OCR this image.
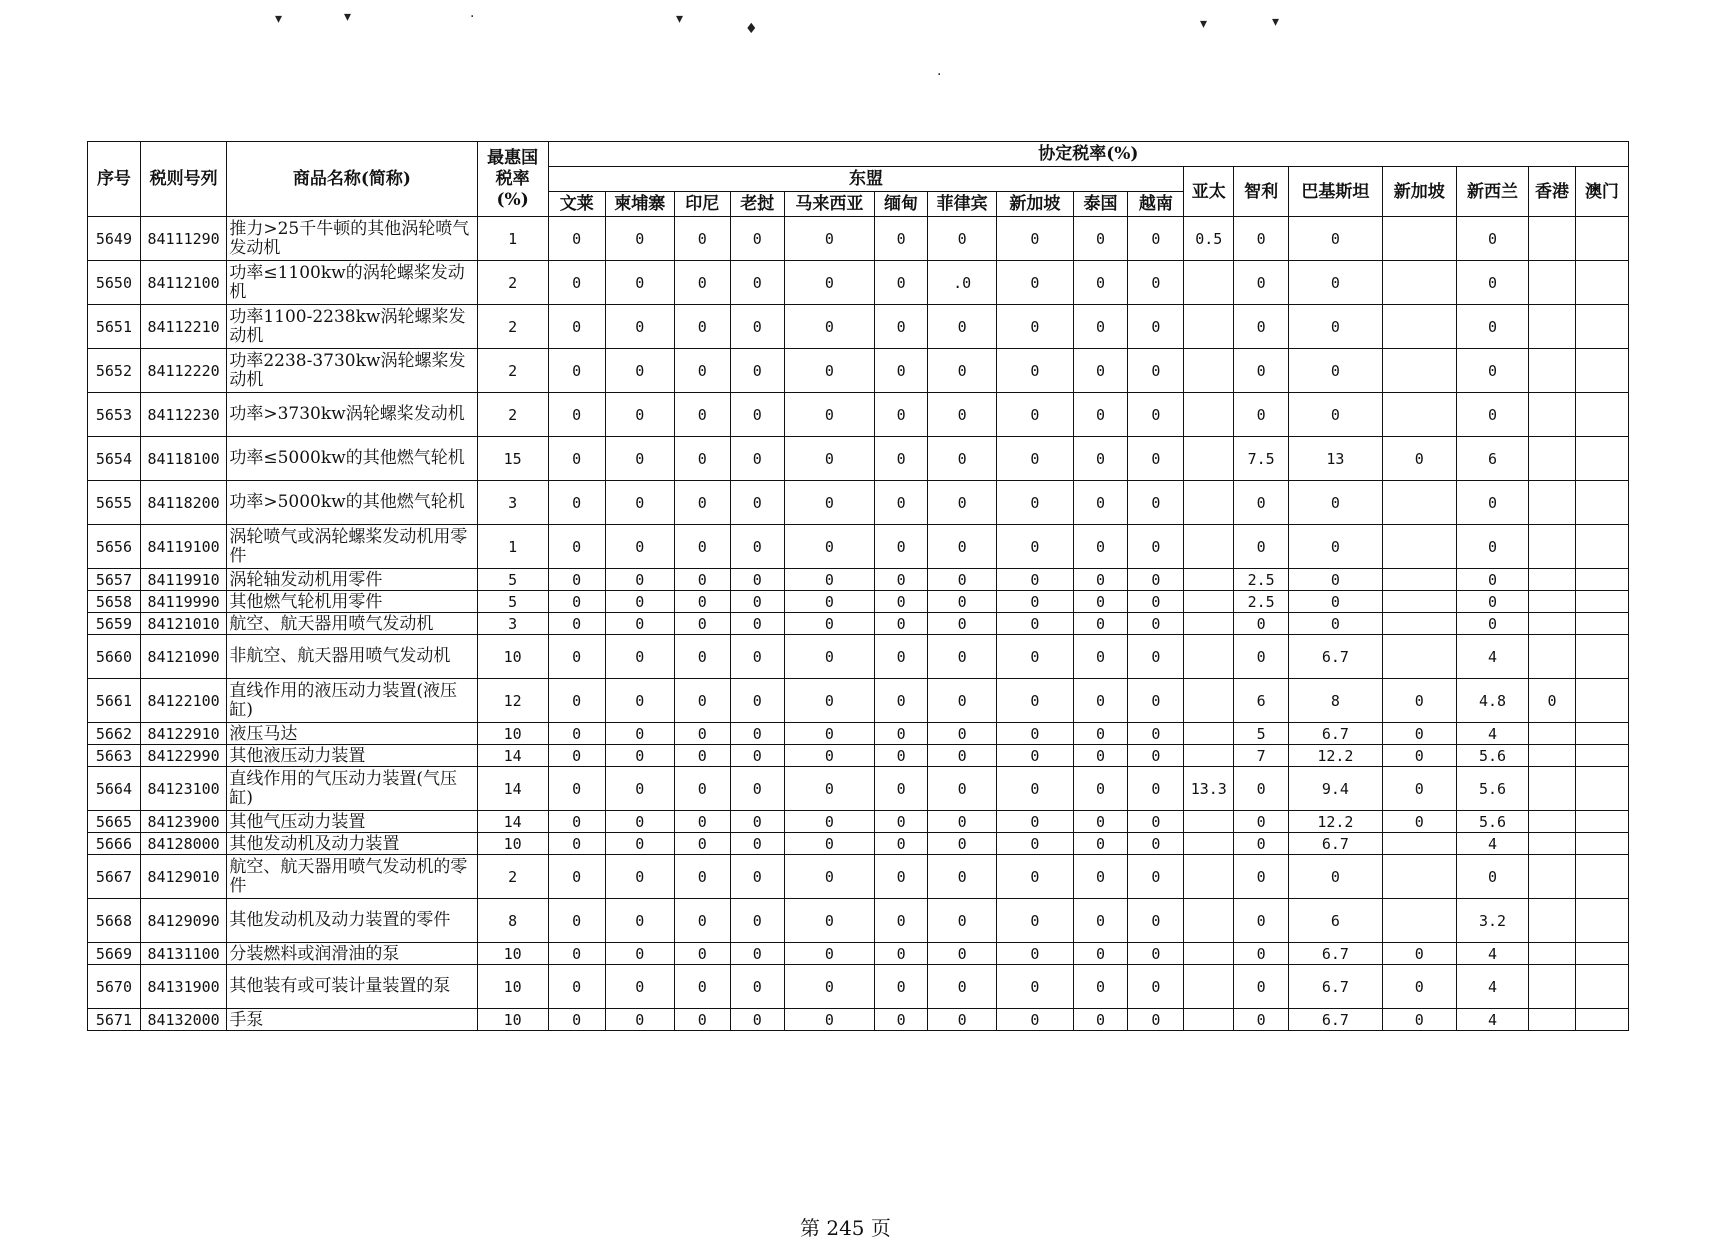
▾	▾	·	▾
♦	▾	▾
·
序号	税则号列	商品名称(简称)	最惠国税率(%)	协定税率(%)																
				东盟										亚太	智利	巴基斯坦	新加坡	新西兰	香港	澳门
				文莱	柬埔寨	印尼	老挝	马来西亚	缅甸	菲律宾	新加坡	泰国	越南							
5649	84111290	推力>25千牛顿的其他涡轮喷气发动机	1	0	0	0	0	0	0	0	0	0	0	0.5	0	0		0		
5650	84112100	功率≤1100kw的涡轮螺桨发动机	2	0	0	0	0	0	0	.0	0	0	0		0	0		0		
5651	84112210	功率1100-2238kw涡轮螺桨发动机	2	0	0	0	0	0	0	0	0	0	0		0	0		0		
5652	84112220	功率2238-3730kw涡轮螺桨发动机	2	0	0	0	0	0	0	0	0	0	0		0	0		0		
5653	84112230	功率>3730kw涡轮螺桨发动机	2	0	0	0	0	0	0	0	0	0	0		0	0		0		
5654	84118100	功率≤5000kw的其他燃气轮机	15	0	0	0	0	0	0	0	0	0	0		7.5	13	0	6		
5655	84118200	功率>5000kw的其他燃气轮机	3	0	0	0	0	0	0	0	0	0	0		0	0		0		
5656	84119100	涡轮喷气或涡轮螺桨发动机用零件	1	0	0	0	0	0	0	0	0	0	0		0	0		0		
5657	84119910	涡轮轴发动机用零件	5	0	0	0	0	0	0	0	0	0	0		2.5	0		0		
5658	84119990	其他燃气轮机用零件	5	0	0	0	0	0	0	0	0	0	0		2.5	0		0		
5659	84121010	航空、航天器用喷气发动机	3	0	0	0	0	0	0	0	0	0	0		0	0		0		
5660	84121090	非航空、航天器用喷气发动机	10	0	0	0	0	0	0	0	0	0	0		0	6.7		4		
5661	84122100	直线作用的液压动力装置(液压缸)	12	0	0	0	0	0	0	0	0	0	0		6	8	0	4.8	0	
5662	84122910	液压马达	10	0	0	0	0	0	0	0	0	0	0		5	6.7	0	4		
5663	84122990	其他液压动力装置	14	0	0	0	0	0	0	0	0	0	0		7	12.2	0	5.6		
5664	84123100	直线作用的气压动力装置(气压缸)	14	0	0	0	0	0	0	0	0	0	0	13.3	0	9.4	0	5.6		
5665	84123900	其他气压动力装置	14	0	0	0	0	0	0	0	0	0	0		0	12.2	0	5.6		
5666	84128000	其他发动机及动力装置	10	0	0	0	0	0	0	0	0	0	0		0	6.7		4		
5667	84129010	航空、航天器用喷气发动机的零件	2	0	0	0	0	0	0	0	0	0	0		0	0		0		
5668	84129090	其他发动机及动力装置的零件	8	0	0	0	0	0	0	0	0	0	0		0	6		3.2		
5669	84131100	分装燃料或润滑油的泵	10	0	0	0	0	0	0	0	0	0	0		0	6.7	0	4		
5670	84131900	其他装有或可装计量装置的泵	10	0	0	0	0	0	0	0	0	0	0		0	6.7	0	4		
5671	84132000	手泵	10	0	0	0	0	0	0	0	0	0	0		0	6.7	0	4		
第 245 页
